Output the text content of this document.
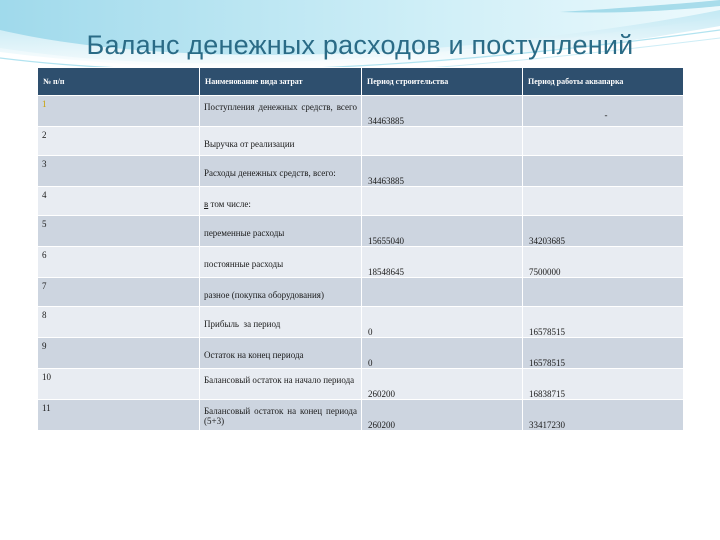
Баланс денежных расходов и поступлений
№ п/п	Наименование вида затрат	Период строительства	Период работы аквапарка

1	Поступления денежных средств, всего	34463885	-

2	Выручка от реализации		

3	Расходы денежных средств, всего:	34463885	

4	в том числе:		

5	переменные расходы	15655040	34203685

6	постоянные расходы	18548645	7500000

7	разное (покупка оборудования)		

8	Прибыль  за период	0	16578515

9	Остаток на конец периода	0	16578515

10	Балансовый остаток на начало периода	260200	16838715

11	Балансовый остаток на конец периода (5+3)	260200	33417230
